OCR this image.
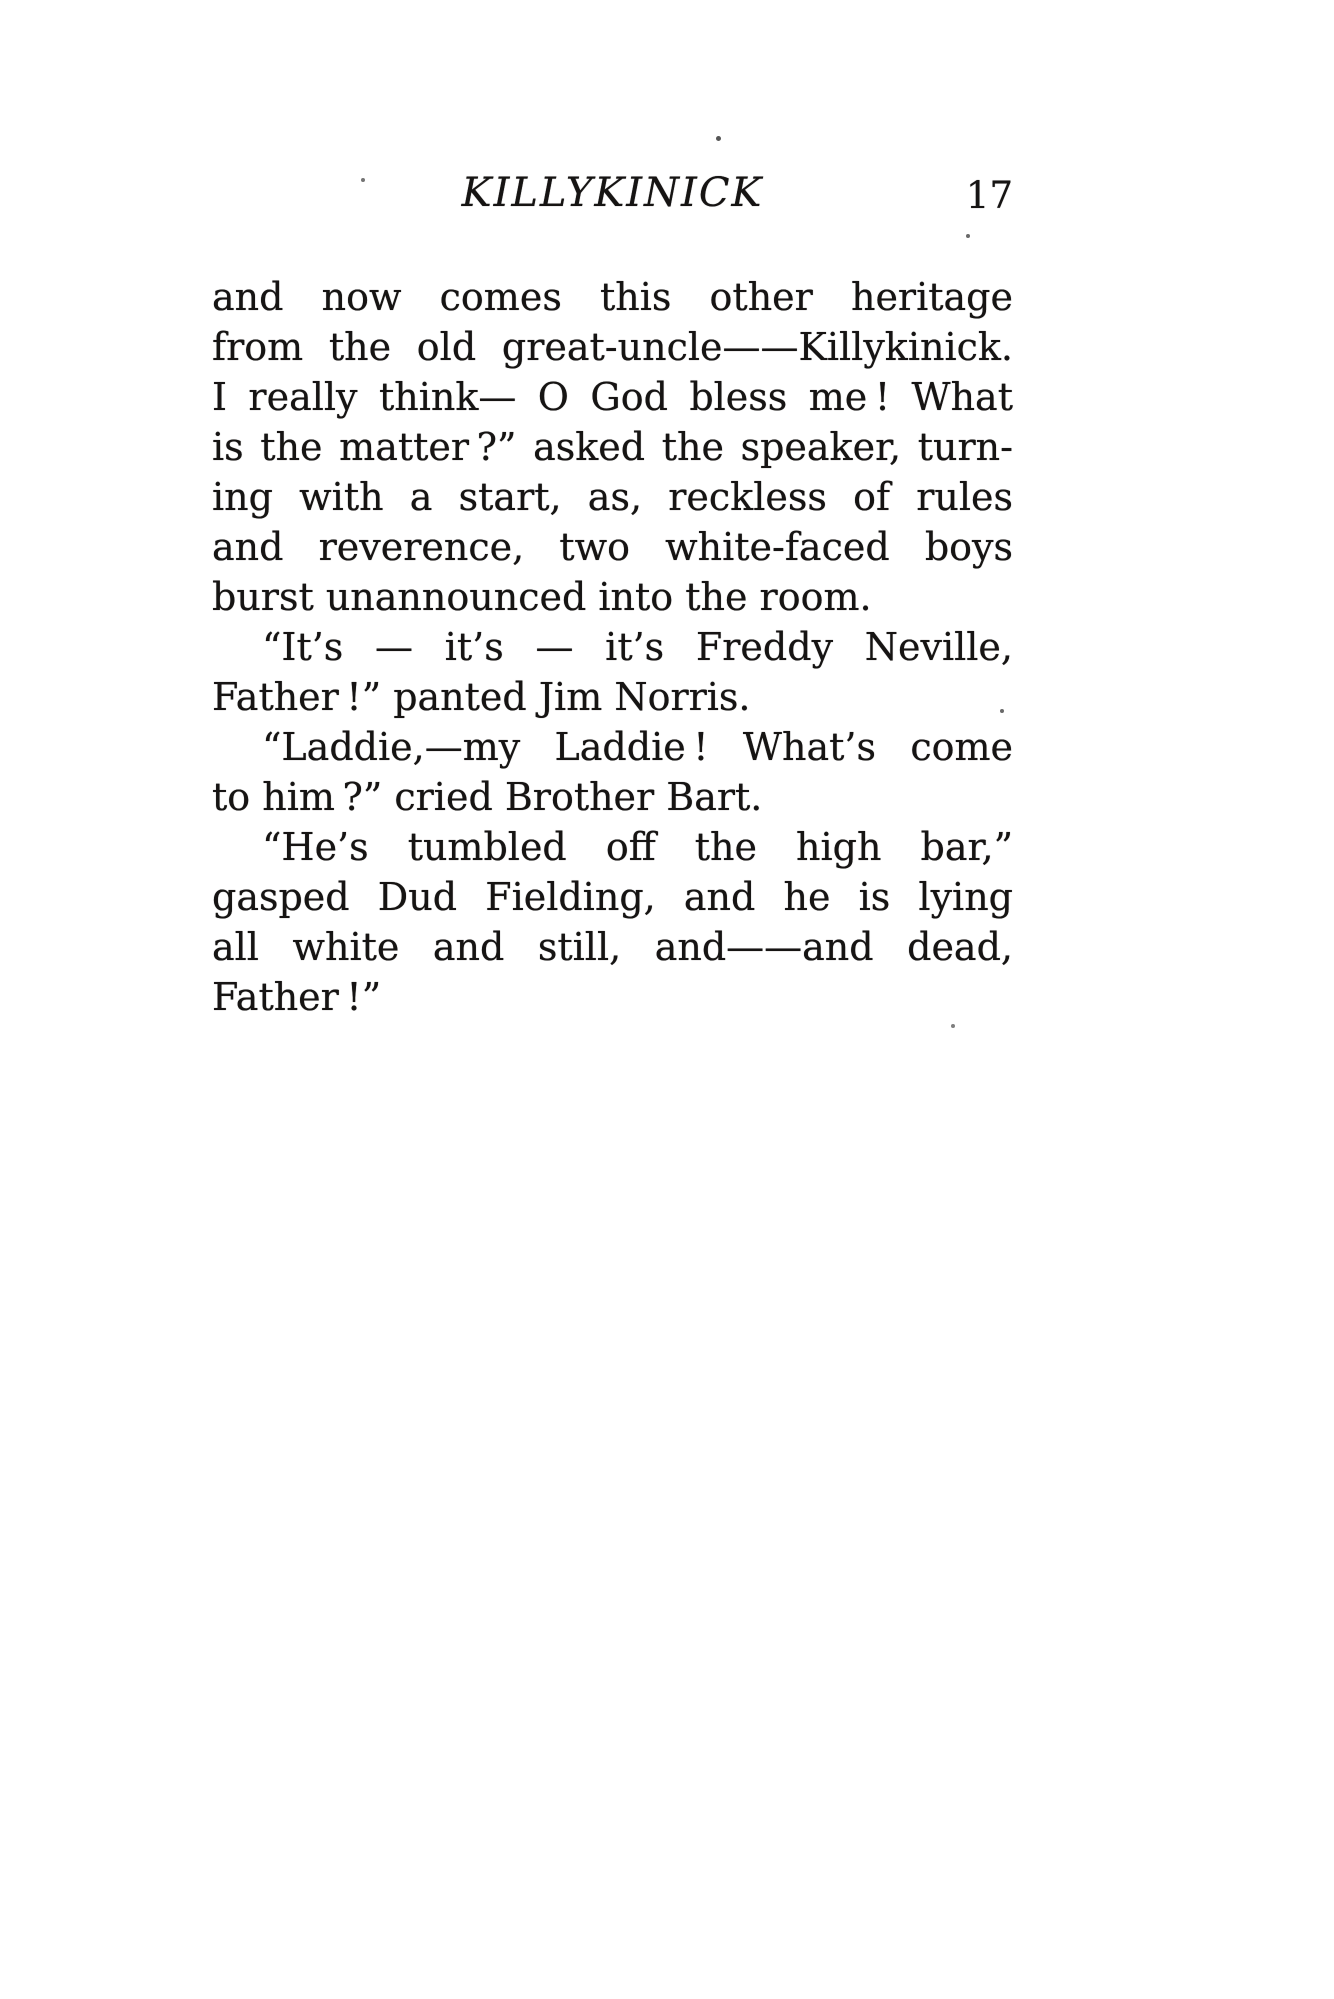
KILLYKINICK	17
and now comes this other heritage
from the old great-uncle——Killykinick.
I really think— O God bless me ! What
is the matter ?” asked the speaker, turn-
ing with a start, as, reckless of rules
and reverence, two white-faced boys
burst unannounced into the room.
“It’s — it’s — it’s Freddy Neville,
Father !” panted Jim Norris.
“Laddie,—my Laddie ! What’s come
to him ?” cried Brother Bart.
“He’s tumbled off the high bar,”
gasped Dud Fielding, and he is lying
all white and still, and——and dead,
Father !”
